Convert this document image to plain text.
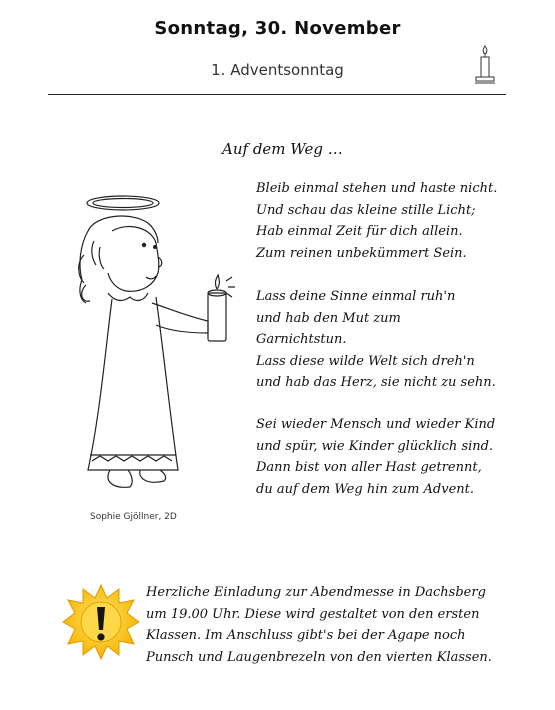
Sonntag, 30. November
1. Adventsonntag
Auf dem Weg …
Bleib einmal stehen und haste nicht.
Und schau das kleine stille Licht;
Hab einmal Zeit für dich allein.
Zum reinen unbekümmert Sein.
Lass deine Sinne einmal ruh'n
und hab den Mut zum
Garnichtstun.
Lass diese wilde Welt sich dreh'n
und hab das Herz, sie nicht zu sehn.
Sei wieder Mensch und wieder Kind
und spür, wie Kinder glücklich sind.
Dann bist von aller Hast getrennt,
du auf dem Weg hin zum Advent.
Sophie Gjöllner, 2D
Herzliche Einladung zur Abendmesse in Dachsberg
um 19.00 Uhr. Diese wird gestaltet von den ersten
Klassen. Im Anschluss gibt's bei der Agape noch
Punsch und Laugenbrezeln von den vierten Klassen.
